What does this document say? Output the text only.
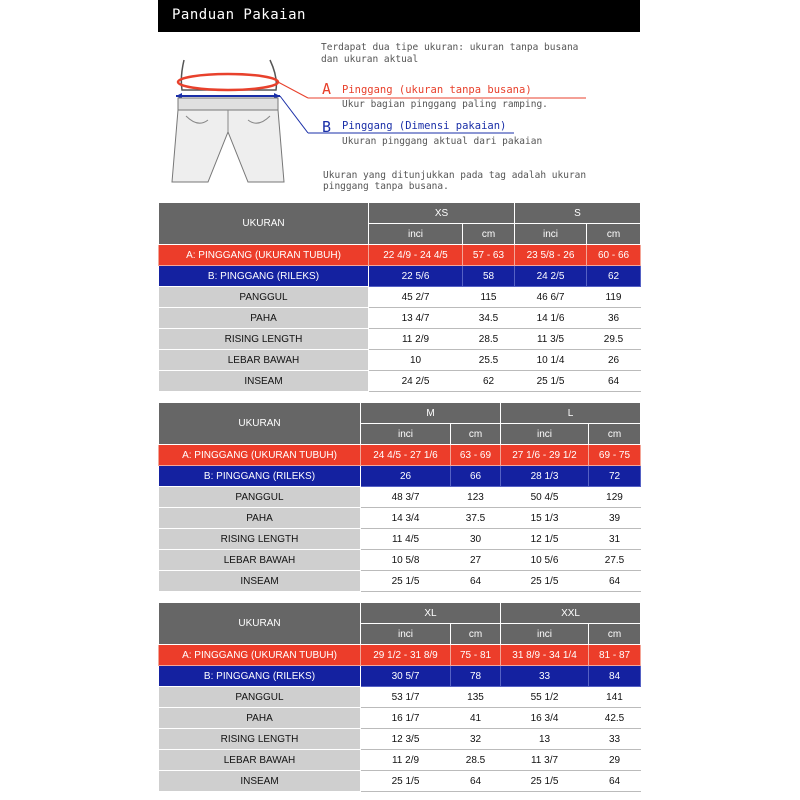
Panduan Pakaian
Terdapat dua tipe ukuran: ukuran tanpa busana
dan ukuran aktual
A Pinggang (ukuran tanpa busana)
Ukur bagian pinggang paling ramping.
B Pinggang (Dimensi pakaian)
Ukuran pinggang aktual dari pakaian
Ukuran yang ditunjukkan pada tag adalah ukuran
pinggang tanpa busana.
UKURAN	XS		S	
	inci	cm	inci	cm
A: PINGGANG (UKURAN TUBUH)	22 4/9 - 24 4/5	57 - 63	23 5/8 - 26	60 - 66
B: PINGGANG (RILEKS)	22 5/6	58	24 2/5	62
PANGGUL	45 2/7	115	46 6/7	119
PAHA	13 4/7	34.5	14 1/6	36
RISING LENGTH	11 2/9	28.5	11 3/5	29.5
LEBAR BAWAH	10	25.5	10 1/4	26
INSEAM	24 2/5	62	25 1/5	64
UKURAN	M		L	
	inci	cm	inci	cm
A: PINGGANG (UKURAN TUBUH)	24 4/5 - 27 1/6	63 - 69	27 1/6 - 29 1/2	69 - 75
B: PINGGANG (RILEKS)	26	66	28 1/3	72
PANGGUL	48 3/7	123	50 4/5	129
PAHA	14 3/4	37.5	15 1/3	39
RISING LENGTH	11 4/5	30	12 1/5	31
LEBAR BAWAH	10 5/8	27	10 5/6	27.5
INSEAM	25 1/5	64	25 1/5	64
UKURAN	XL		XXL	
	inci	cm	inci	cm
A: PINGGANG (UKURAN TUBUH)	29 1/2 - 31 8/9	75 - 81	31 8/9 - 34 1/4	81 - 87
B: PINGGANG (RILEKS)	30 5/7	78	33	84
PANGGUL	53 1/7	135	55 1/2	141
PAHA	16 1/7	41	16 3/4	42.5
RISING LENGTH	12 3/5	32	13	33
LEBAR BAWAH	11 2/9	28.5	11 3/7	29
INSEAM	25 1/5	64	25 1/5	64
